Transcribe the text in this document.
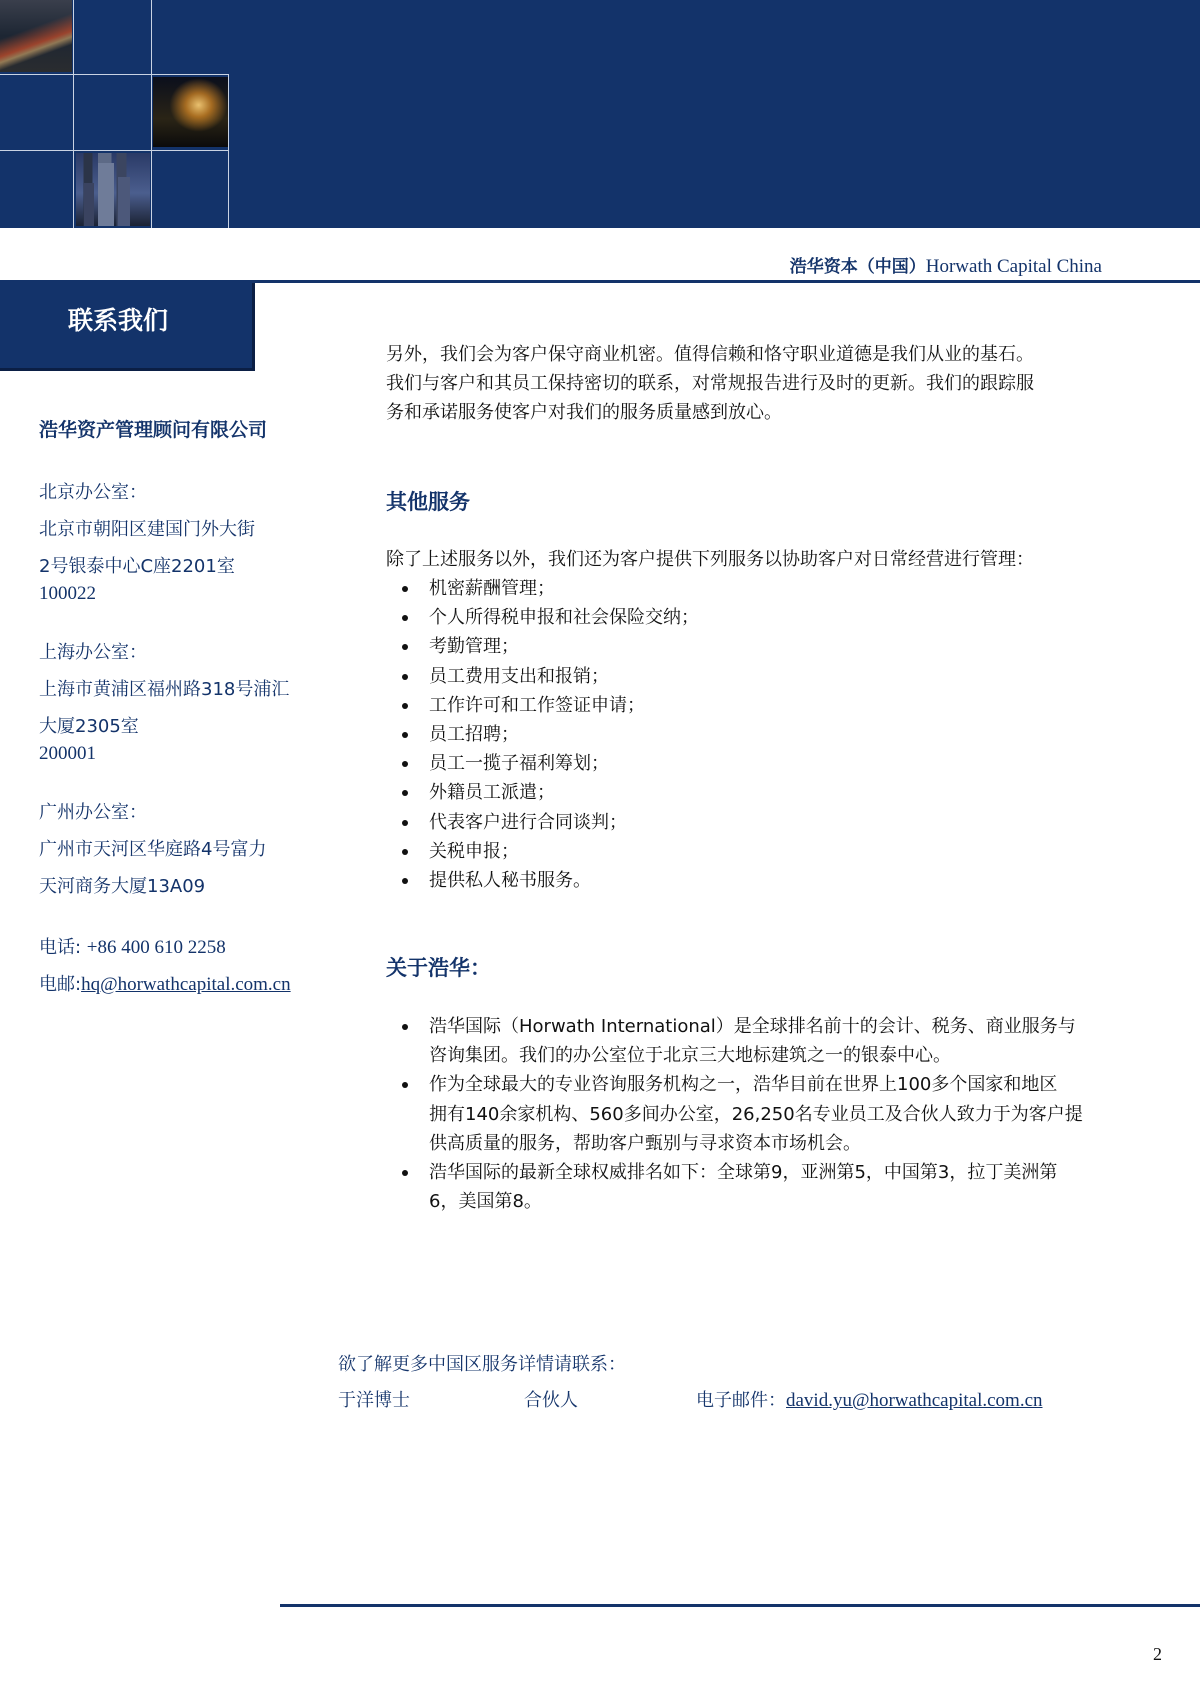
浩华资本（中国）Horwath Capital China
联系我们
浩华资产管理顾问有限公司
北京办公室：
北京市朝阳区建国门外大街
2号银泰中心C座2201室
100022
上海办公室：
上海市黄浦区福州路318号浦汇
大厦2305室
200001
广州办公室：
广州市天河区华庭路4号富力
天河商务大厦13A09
电话: +86 400 610 2258
电邮:hq@horwathcapital.com.cn
另外，我们会为客户保守商业机密。值得信赖和恪守职业道德是我们从业的基石。
我们与客户和其员工保持密切的联系，对常规报告进行及时的更新。我们的跟踪服
务和承诺服务使客户对我们的服务质量感到放心。
其他服务
除了上述服务以外，我们还为客户提供下列服务以协助客户对日常经营进行管理：
机密薪酬管理；
个人所得税申报和社会保险交纳；
考勤管理；
员工费用支出和报销；
工作许可和工作签证申请；
员工招聘；
员工一揽子福利筹划；
外籍员工派遣；
代表客户进行合同谈判；
关税申报；
提供私人秘书服务。
关于浩华：
浩华国际（Horwath International）是全球排名前十的会计、税务、商业服务与
咨询集团。我们的办公室位于北京三大地标建筑之一的银泰中心。
作为全球最大的专业咨询服务机构之一，浩华目前在世界上100多个国家和地区
拥有140余家机构、560多间办公室，26,250名专业员工及合伙人致力于为客户提
供高质量的服务，帮助客户甄别与寻求资本市场机会。
浩华国际的最新全球权威排名如下：全球第9，亚洲第5，中国第3，拉丁美洲第
6，美国第8。
欲了解更多中国区服务详情请联系：
于洋博士	合伙人	电子邮件：david.yu@horwathcapital.com.cn
2
